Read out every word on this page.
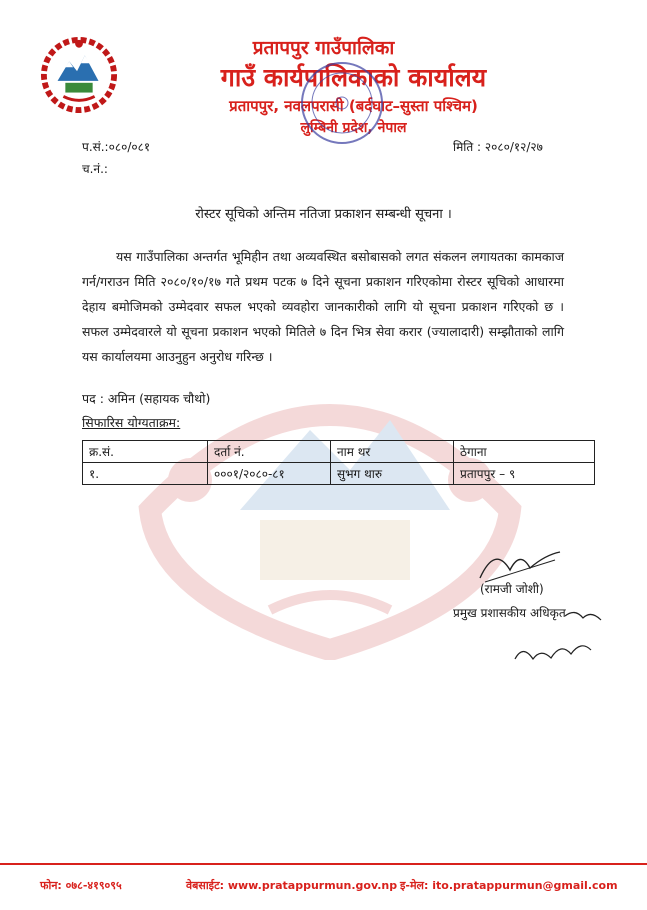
प्रतापपुर गाउँपालिका
गाउँ कार्यपालिकाको कार्यालय
प्रतापपुर, नवलपरासी (बर्दघाट–सुस्ता पश्चिम)
लुम्बिनी प्रदेश, नेपाल
प.सं.:०८०/०८१
च.नं.:
मिति : २०८०/१२/२७
रोस्टर सूचिको अन्तिम नतिजा प्रकाशन सम्बन्धी सूचना ।
यस गाउँपालिका अन्तर्गत भूमिहीन तथा अव्यवस्थित बसोबासको लगत संकलन लगायतका कामकाज गर्न/गराउन मिति २०८०/१०/१७ गते प्रथम पटक ७ दिने सूचना प्रकाशन गरिएकोमा रोस्टर सूचिको आधारमा देहाय बमोजिमको उम्मेदवार सफल भएको व्यवहोरा जानकारीको लागि यो सूचना प्रकाशन गरिएको छ । सफल उम्मेदवारले यो सूचना प्रकाशन भएको मितिले ७ दिन भित्र सेवा करार (ज्यालादारी) सम्झौताको लागि यस कार्यालयमा आउनुहुन अनुरोध गरिन्छ ।
पद : अमिन (सहायक चौथो)
सिफारिस योग्यताक्रम:
क्र.सं.	दर्ता नं.	नाम थर	ठेगाना
१.	०००१/२०८०-८१	सुभग थारु	प्रतापपुर – ९
(रामजी जोशी)
प्रमुख प्रशासकीय अधिकृत
फोन: ०७८-४१९०९५	वेबसाईट: www.pratappurmun.gov.np इ-मेल: ito.pratappurmun@gmail.com
